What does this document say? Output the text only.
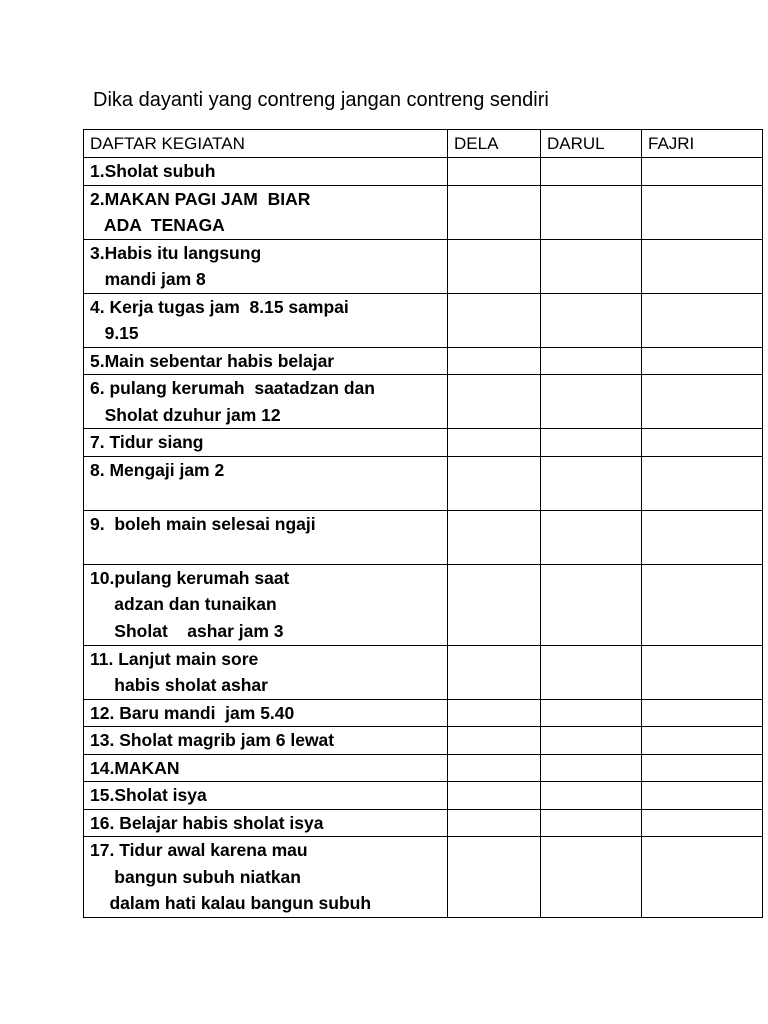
Dika dayanti yang contreng jangan contreng sendiri
DAFTAR KEGIATAN	DELA	DARUL	FAJRI
1.Sholat subuh			
2.MAKAN PAGI JAM  BIAR
ADA  TENAGA			
3.Habis itu langsung
mandi jam 8			
4. Kerja tugas jam  8.15 sampai
9.15			
5.Main sebentar habis belajar			
6. pulang kerumah  saatadzan dan
Sholat dzuhur jam 12			
7. Tidur siang			
8. Mengaji jam 2			
9.  boleh main selesai ngaji			
10.pulang kerumah saat
adzan dan tunaikan
Sholat    ashar jam 3			
11. Lanjut main sore
habis sholat ashar			
12. Baru mandi  jam 5.40			
13. Sholat magrib jam 6 lewat			
14.MAKAN			
15.Sholat isya			
16. Belajar habis sholat isya			
17. Tidur awal karena mau
bangun subuh niatkan
dalam hati kalau bangun subuh			
